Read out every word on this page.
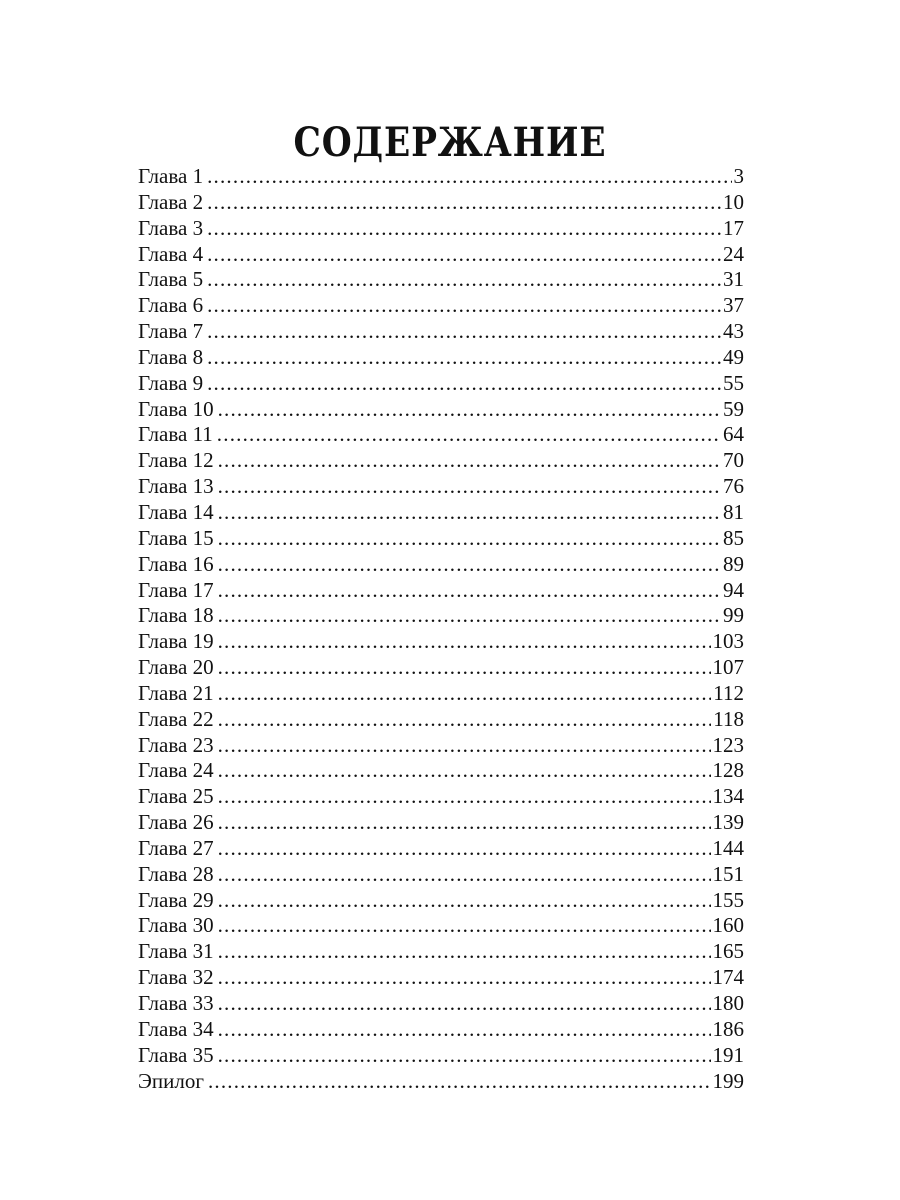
СОДЕРЖАНИЕ
Глава 1 .....	3
Глава 2 .....	10
Глава 3 .....	17
Глава 4 .....	24
Глава 5 .....	31
Глава 6 .....	37
Глава 7 .....	43
Глава 8 .....	49
Глава 9 .....	55
Глава 10 .....	59
Глава 11 .....	64
Глава 12 .....	70
Глава 13 .....	76
Глава 14 .....	81
Глава 15 .....	85
Глава 16 .....	89
Глава 17 .....	94
Глава 18 .....	99
Глава 19 .....	103
Глава 20 .....	107
Глава 21 .....	112
Глава 22 .....	118
Глава 23 .....	123
Глава 24 .....	128
Глава 25 .....	134
Глава 26 .....	139
Глава 27 .....	144
Глава 28 .....	151
Глава 29 .....	155
Глава 30 .....	160
Глава 31 .....	165
Глава 32 .....	174
Глава 33 .....	180
Глава 34 .....	186
Глава 35 .....	191
Эпилог .....	199
